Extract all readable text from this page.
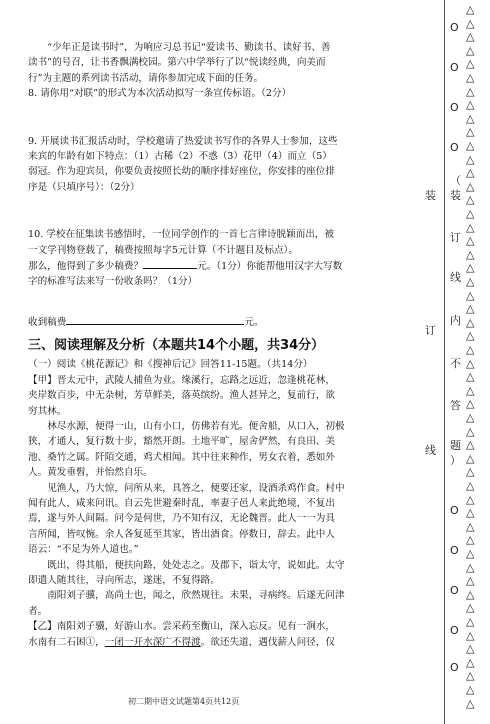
“少年正是读书时”，为响应习总书记“爱读书、勤读书、读好书、善

读书”的号召，让书香飘满校园。第六中学举行了以“悦读经典，向美而

行”为主题的系列读书活动，请你参加完成下面的任务。

8. 请你用“对联”的形式为本次活动拟写一条宣传标语。（2分）

9. 开展读书汇报活动时，学校邀请了热爱读书写作的各界人士参加，这些

来宾的年龄有如下特点：（1）古稀（2）不惑（3）花甲（4）而立（5）

弱冠。作为迎宾员，你要负责按照长幼的顺序排好座位，你安排的座位排

序是（只填序号）：（2分）

10. 学校在征集读书感悟时，一位同学创作的一首七言律诗脱颖而出，被

一文学刊物登载了，稿费按照每字5元计算（不计题目及标点）。

那么，他得到了多少稿费？	元。（1分）你能帮他用汉字大写数

字的标准写法来写一份收条吗？（1分）

收到稿费	元。

三、阅读理解及分析（本题共14个小题，共34分）

（一）阅读《桃花源记》和《搜神后记》回答11-15题。（共14分）

【甲】晋太元中，武陵人捕鱼为业。缘溪行，忘路之远近，忽逢桃花林，

夹岸数百步，中无杂树，芳草鲜美，落英缤纷。渔人甚异之，复前行，欲

穷其林。

林尽水源，便得一山，山有小口，仿佛若有光。便舍船，从口入，初极

狭，才通人，复行数十步，豁然开朗。土地平旷，屋舍俨然，有良田、美

池、桑竹之属。阡陌交通，鸡犬相闻。其中往来种作，男女衣着，悉如外

人。黄发垂髫，并怡然自乐。

见渔人，乃大惊，问所从来，具答之，便要还家，设酒杀鸡作食。村中

闻有此人，咸来问讯。自云先世避秦时乱，率妻子邑人来此绝境，不复出

焉，遂与外人间隔。问今是何世，乃不知有汉，无论魏晋。此人一一为具

言所闻，皆叹惋。余人各复延至其家，皆出酒食。停数日，辞去。此中人

语云：“不足为外人道也。”

既出，得其船，便扶向路，处处志之。及郡下，诣太守，说如此。太守

即遣人随其往，寻向所志，遂迷，不复得路。

南阳刘子骥，高尚士也，闻之，欣然规往。未果，寻病终。后遂无问津

者。

【乙】南阳刘子骥，好游山水。尝采药至衡山，深入忘反。见有一涧水，

水南有二石困①，一闭一开水深广不得渡。欲还失道，遇伐薪人问径，仅

初二期中语文试题第4页共12页
装
订
线
（
装
订
线
内
不
答
题
）
O
O
O
O
O
O
O
O
O
△
△
△
△
△
△
△
△
△
△
△
△
△
△
△
△
△
△
△
△
△
△
△
△
△
△
△
△
△
△
△
△
△
△
△
△
△
△
△
△
△
△
△
△
△
△
△
△
△
△
△
△
